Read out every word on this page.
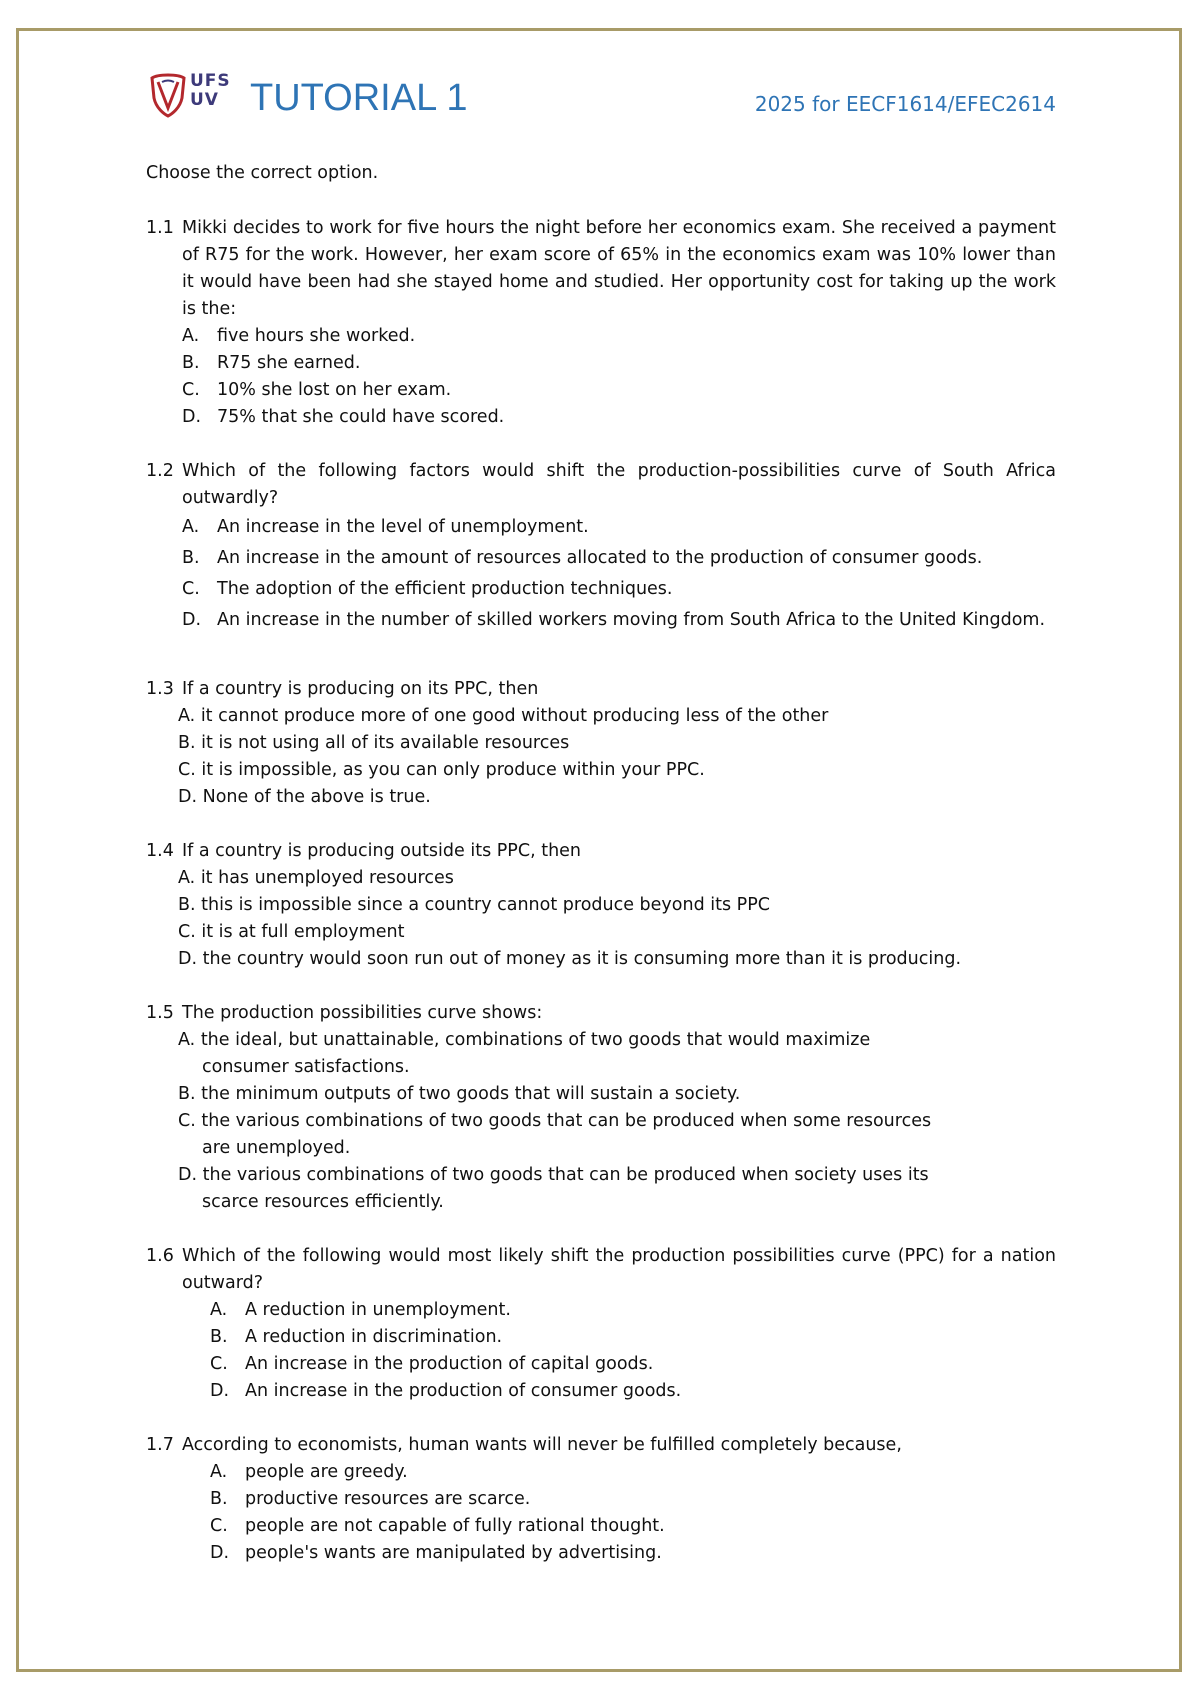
UFS
UV TUTORIAL 1	2025 for EECF1614/EFEC2614
Choose the correct option.
1.1 Mikki decides to work for five hours the night before her economics exam. She received a payment of R75 for the work. However, her exam score of 65% in the economics exam was 10% lower than it would have been had she stayed home and studied. Her opportunity cost for taking up the work is the:
A.	five hours she worked.
B. R75 she earned.
C. 10% she lost on her exam.
D. 75% that she could have scored.
1.2 Which of the following factors would shift the production-possibilities curve of South Africa outwardly?
A.	An increase in the level of unemployment.
B. An increase in the amount of resources allocated to the production of consumer goods.
C. The adoption of the efficient production techniques.
D. An increase in the number of skilled workers moving from South Africa to the United Kingdom.
1.3 If a country is producing on its PPC, then
A. it cannot produce more of one good without producing less of the other
B. it is not using all of its available resources
C. it is impossible, as you can only produce within your PPC.
D. None of the above is true.
1.4 If a country is producing outside its PPC, then
A. it has unemployed resources
B. this is impossible since a country cannot produce beyond its PPC
C. it is at full employment
D. the country would soon run out of money as it is consuming more than it is producing.
1.5 The production possibilities curve shows:
A. the ideal, but unattainable, combinations of two goods that would maximize consumer satisfactions.
B. the minimum outputs of two goods that will sustain a society.
C. the various combinations of two goods that can be produced when some resources are unemployed.
D. the various combinations of two goods that can be produced when society uses its scarce resources efficiently.
1.6 Which of the following would most likely shift the production possibilities curve (PPC) for a nation outward?
A.	A reduction in unemployment.
B. A reduction in discrimination.
C. An increase in the production of capital goods.
D. An increase in the production of consumer goods.
1.7 According to economists, human wants will never be fulfilled completely because,
A.	people are greedy.
B. productive resources are scarce.
C. people are not capable of fully rational thought.
D. people's wants are manipulated by advertising.
